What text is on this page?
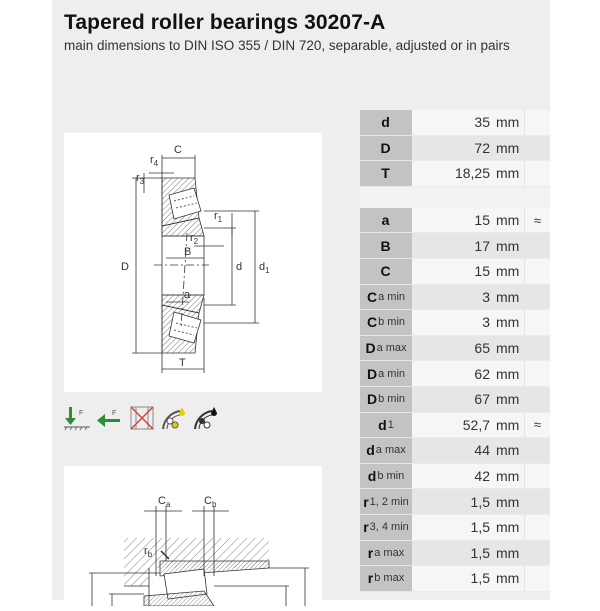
Tapered roller bearings 30207-A
main dimensions to DIN ISO 355 / DIN 720, separable, adjusted or in pairs
C
$r_4$
$r_3$
$r_1$
$r_2$
B
D	d $d_1$
a
T
F	F
$C_a$	$C_b$
$r_b$
d	35 mm
D	72 mm
T	18,25 mm
a	15 mm	≈
B	17 mm
C	15 mm
C a min	3 mm
C b min	3 mm
D a max	65 mm
D a min	62 mm
D b min	67 mm
d 1	52,7 mm	≈
d a max	44 mm
d b min	42 mm
r 1, 2 min	1,5 mm
r 3, 4 min	1,5 mm
r a max	1,5 mm
r b max	1,5 mm
